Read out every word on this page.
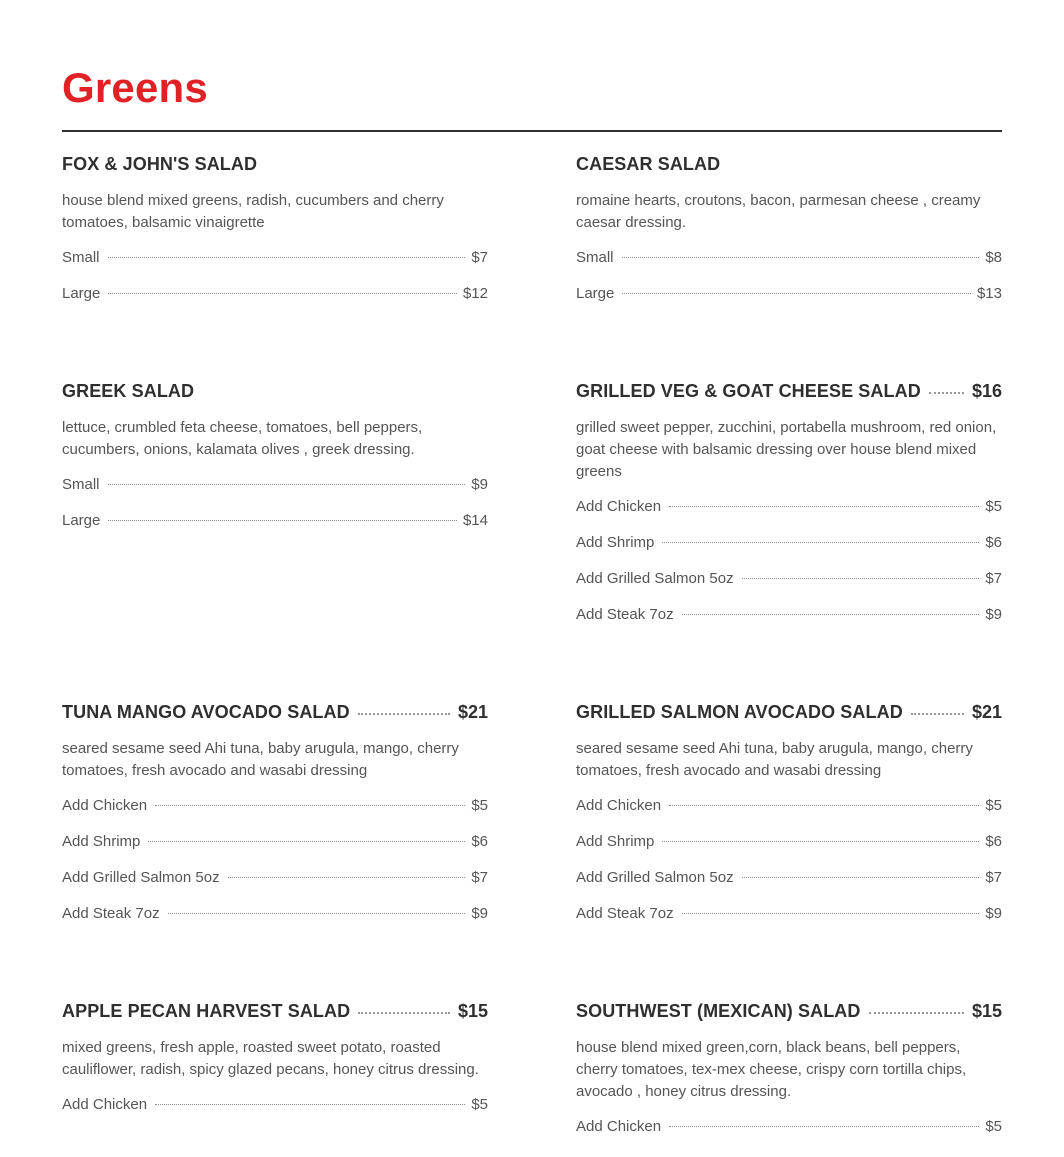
Greens
FOX & JOHN'S SALAD
house blend mixed greens, radish, cucumbers and cherry tomatoes, balsamic vinaigrette
Small	$7
Large	$12
CAESAR SALAD
romaine hearts, croutons, bacon, parmesan cheese , creamy caesar dressing.
Small	$8
Large	$13
GREEK SALAD
lettuce, crumbled feta cheese, tomatoes, bell peppers, cucumbers, onions, kalamata olives , greek dressing.
Small	$9
Large	$14
GRILLED VEG & GOAT CHEESE SALAD	$16
grilled sweet pepper, zucchini, portabella mushroom, red onion, goat cheese with balsamic dressing over house blend mixed greens
Add Chicken	$5
Add Shrimp	$6
Add Grilled Salmon 5oz	$7
Add Steak 7oz	$9
TUNA MANGO AVOCADO SALAD	$21
seared sesame seed Ahi tuna, baby arugula, mango, cherry tomatoes, fresh avocado and wasabi dressing
Add Chicken	$5
Add Shrimp	$6
Add Grilled Salmon 5oz	$7
Add Steak 7oz	$9
GRILLED SALMON AVOCADO SALAD	$21
seared sesame seed Ahi tuna, baby arugula, mango, cherry tomatoes, fresh avocado and wasabi dressing
Add Chicken	$5
Add Shrimp	$6
Add Grilled Salmon 5oz	$7
Add Steak 7oz	$9
APPLE PECAN HARVEST SALAD	$15
mixed greens, fresh apple, roasted sweet potato, roasted cauliflower, radish, spicy glazed pecans, honey citrus dressing.
Add Chicken	$5
SOUTHWEST (MEXICAN) SALAD	$15
house blend mixed green,corn, black beans, bell peppers, cherry tomatoes, tex-mex cheese, crispy corn tortilla chips, avocado , honey citrus dressing.
Add Chicken	$5
